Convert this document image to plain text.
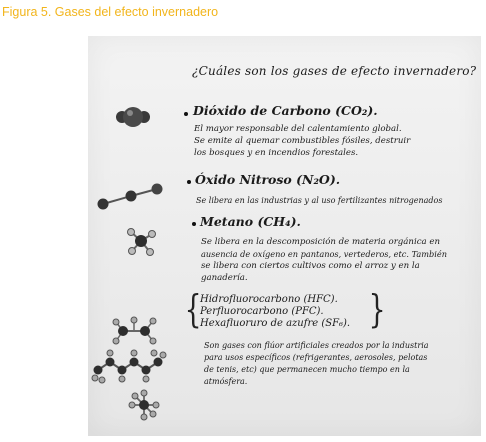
Figura 5. Gases del efecto invernadero
¿Cuáles son los gases de efecto invernadero?
Dióxido de Carbono (CO₂).
El mayor responsable del calentamiento global.
Se emite al quemar combustibles fósiles, destruir
los bosques y en incendios forestales.
Óxido Nitroso (N₂O).
Se libera en las industrias y al uso fertilizantes nitrogenados
Metano (CH₄).
Se libera en la descomposición de materia orgánica en
ausencia de oxígeno en pantanos, vertederos, etc. También
se libera con ciertos cultivos como el arroz y en la
ganadería.
{	}
Hidrofluorocarbono (HFC).
Perfluorocarbono (PFC).
Hexafluoruro de azufre (SF₆).
Son gases con flúor artificiales creados por la industria
para usos específicos (refrigerantes, aerosoles, pelotas
de tenis, etc) que permanecen mucho tiempo en la
atmósfera.
